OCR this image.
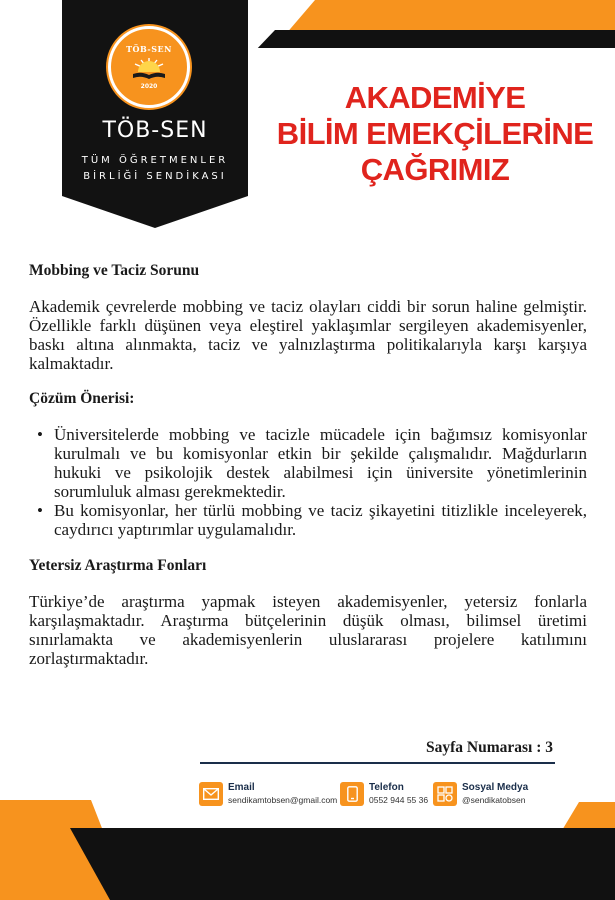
TÖB-SEN
2020
TÖB-SEN
TÜM ÖĞRETMENLER
BİRLİĞİ SENDİKASI
AKADEMİYE
BİLİM EMEKÇİLERİNE
ÇAĞRIMIZ
Mobbing ve Taciz Sorunu

Akademik çevrelerde mobbing ve taciz olayları ciddi bir sorun haline gelmiştir. Özellikle farklı düşünen veya eleştirel yaklaşımlar sergileyen akademisyenler, baskı altına alınmakta, taciz ve yalnızlaştırma politikalarıyla karşı karşıya kalmaktadır.

Çözüm Önerisi:
• Üniversitelerde mobbing ve tacizle mücadele için bağımsız komisyonlar kurulmalı ve bu komisyonlar etkin bir şekilde çalışmalıdır. Mağdurların hukuki ve psikolojik destek alabilmesi için üniversite yönetimlerinin sorumluluk alması gerekmektedir.
• Bu komisyonlar, her türlü mobbing ve taciz şikayetini titizlikle inceleyerek, caydırıcı yaptırımlar uygulamalıdır.
Yetersiz Araştırma Fonları

Türkiye’de araştırma yapmak isteyen akademisyenler, yetersiz fonlarla karşılaşmaktadır. Araştırma bütçelerinin düşük olması, bilimsel üretimi sınırlamakta ve akademisyenlerin uluslararası projelere katılımını zorlaştırmaktadır.

Sayfa Numarası : 3
Email
sendikamtobsen@gmail.com
Telefon
0552 944 55 36
Sosyal Medya
@sendikatobsen
